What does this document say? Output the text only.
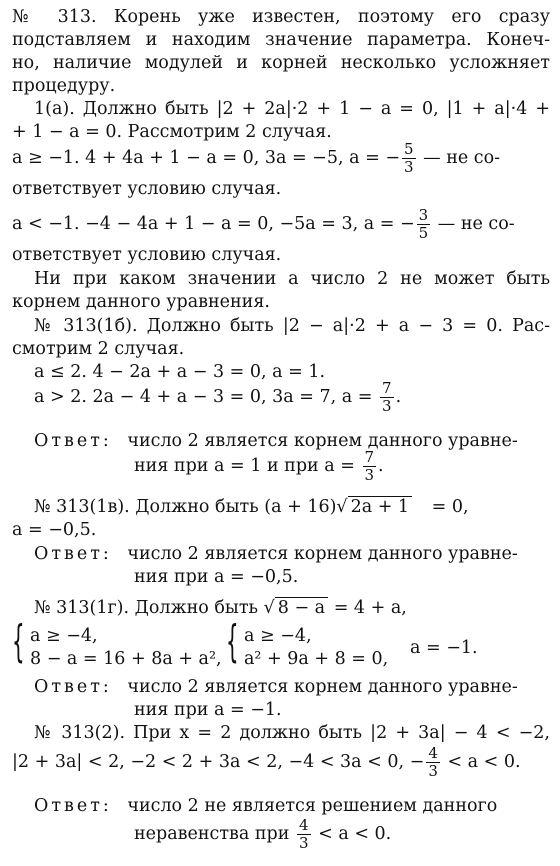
№ 313. Корень уже известен, поэтому его сразу
подставляем и находим значение параметра. Конеч-
но, наличие модулей и корней несколько усложняет
процедуру.
1(а). Должно быть |2 + 2a|·2 + 1 − a = 0, |1 + a|·4 +
+ 1 − a = 0. Рассмотрим 2 случая.
a ≥ −1. 4 + 4a + 1 − a = 0, 3a = −5, a = − $\frac{5}{3}$ — не со-
ответствует условию случая.
a < −1. −4 − 4a + 1 − a = 0, −5a = 3, a = − $\frac{3}{5}$ — не со-
ответствует условию случая.
Ни при каком значении a число 2 не может быть
корнем данного уравнения.
№ 313(1б). Должно быть |2 − a|·2 + a − 3 = 0. Рас-
смотрим 2 случая.
a ≤ 2. 4 − 2a + a − 3 = 0, a = 1.
a > 2. 2a − 4 + a − 3 = 0, 3a = 7, $a = \frac{7}{3}$ .
Ответ: число 2 является корнем данного уравне-
ния при a = 1 и при $a = \frac{7}{3}$ .
№ 313(1в). Должно быть (a + 16)√ 2a + 1 = 0,
a = −0,5.
Ответ: число 2 является корнем данного уравне-
ния при a = −0,5.
№ 313(1г). Должно быть √ 8 − a = 4 + a,
{ a ≥ −4,
8 − a = 16 + 8a + a², { a ≥ −4,
a² + 9a + 8 = 0,
a = −1.
Ответ: число 2 является корнем данного уравне-
ния при a = −1.
№ 313(2). При x = 2 должно быть |2 + 3a| − 4 < −2,
|2 + 3a| < 2, −2 < 2 + 3a < 2, −4 < 3a < 0, − $\frac{4}{3} < a < 0$.
Ответ: число 2 не является решением данного
неравенства при $\frac{4}{3} < a < 0$.
